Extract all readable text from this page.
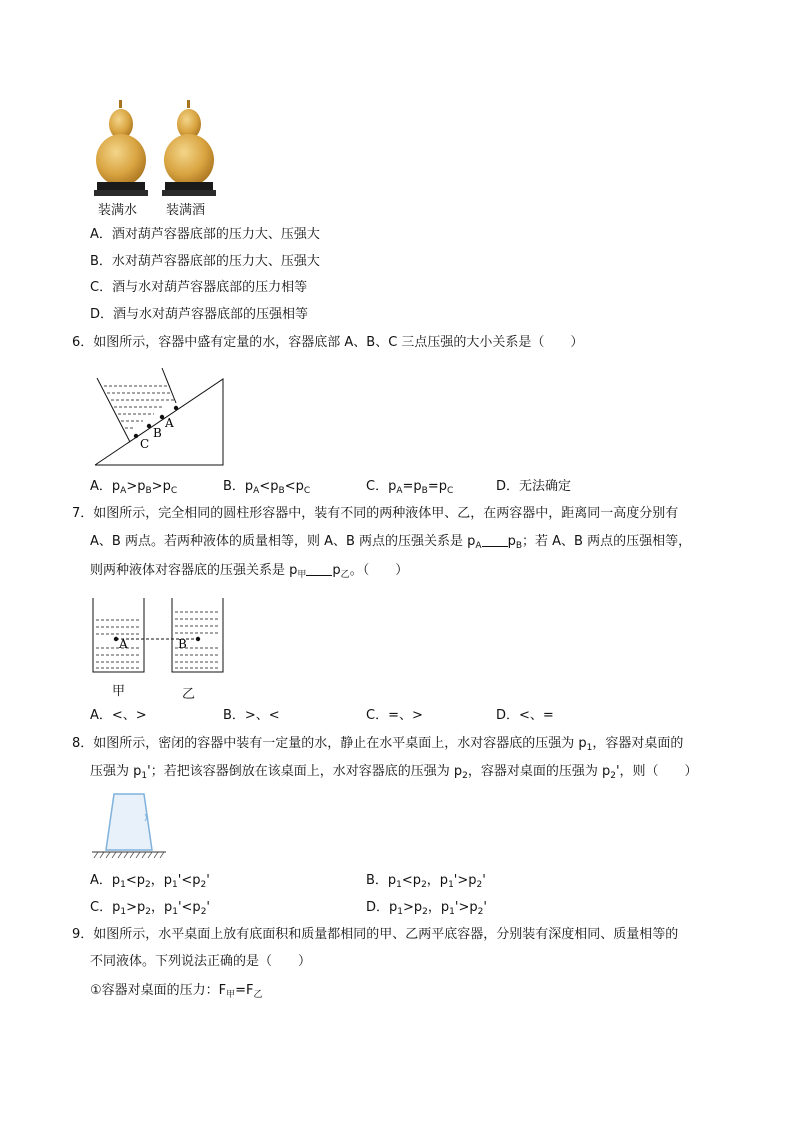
装满水 装满酒
A．酒对葫芦容器底部的压力大、压强大
B．水对葫芦容器底部的压力大、压强大
C．酒与水对葫芦容器底部的压力相等
D．酒与水对葫芦容器底部的压强相等
6．如图所示，容器中盛有定量的水，容器底部 A、B、C 三点压强的大小关系是（　　）
A
B
C
A．$p_A>p_B>p_C$	B．$p_A<p_B<p_C$	C．$p_A=p_B=p_C$	D．无法确定
7．如图所示，完全相同的圆柱形容器中，装有不同的两种液体甲、乙，在两容器中，距离同一高度分别有
A、B 两点。若两种液体的质量相等，则 A、B 两点的压强关系是 $p_A$ $p_B$；若 A、B 两点的压强相等，
则两种液体对容器底的压强关系是 $p_甲$ $p_乙$。（　　）
A	B
甲	乙
A．<、>	B．>、<	C．=、>	D．<、=
8．如图所示，密闭的容器中装有一定量的水，静止在水平桌面上，水对容器底的压强为 $p_1$，容器对桌面的
压强为 $p_1'$；若把该容器倒放在该桌面上，水对容器底的压强为 $p_2$，容器对桌面的压强为 $p_2'$，则（　　）
A．$p_1<p_2$，$p_1'<p_2'$	B．$p_1<p_2$，$p_1'>p_2'$
C．$p_1>p_2$，$p_1'<p_2'$	D．$p_1>p_2$，$p_1'>p_2'$
9．如图所示，水平桌面上放有底面积和质量都相同的甲、乙两平底容器，分别装有深度相同、质量相等的
不同液体。下列说法正确的是（　　）
①容器对桌面的压力：$F_甲=F_乙$
